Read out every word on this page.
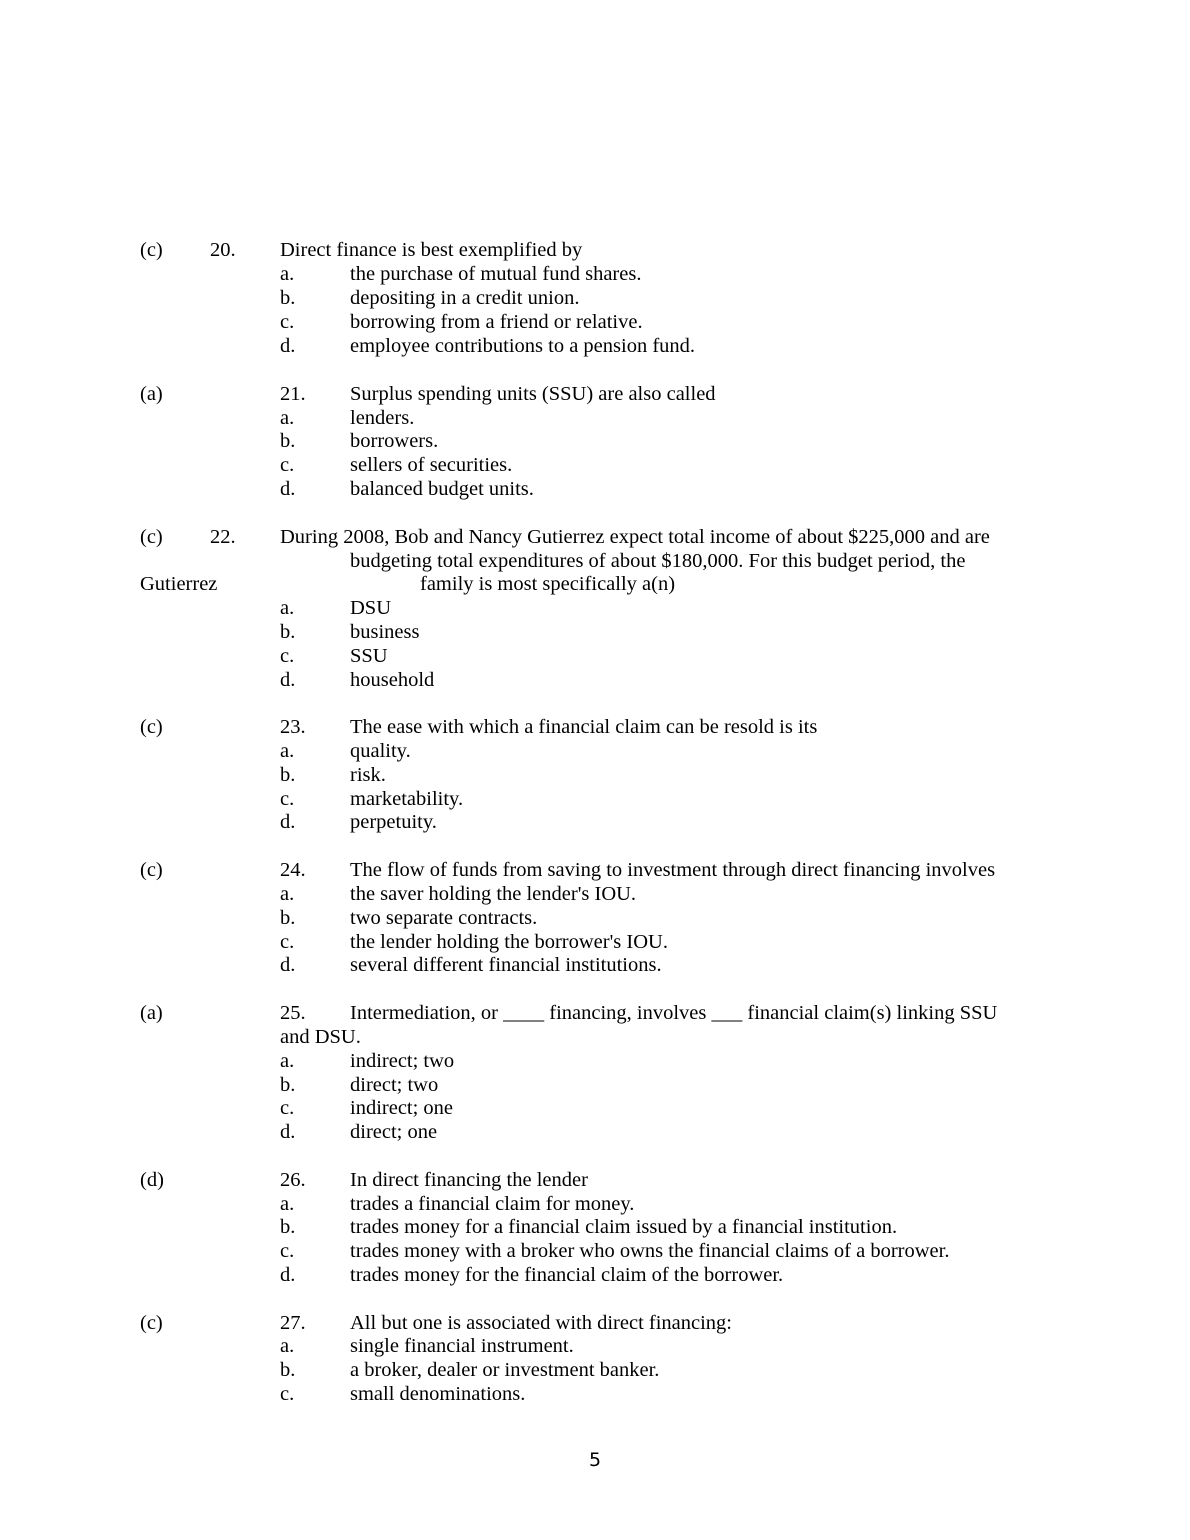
(c) 20. Direct finance is best exemplified by
a.	the purchase of mutual fund shares.
b.	depositing in a credit union.
c.	borrowing from a friend or relative.
d.	employee contributions to a pension fund.
(a)	21. Surplus spending units (SSU) are also called
a.	lenders.
b.	borrowers.
c.	sellers of securities.
d.	balanced budget units.
(c) 22. During 2008, Bob and Nancy Gutierrez expect total income of about $225,000 and are
budgeting total expenditures of about $180,000. For this budget period, the
Gutierrez	family is most specifically a(n)
a.	DSU
b.	business
c.	SSU
d.	household
(c)	23. The ease with which a financial claim can be resold is its
a.	quality.
b.	risk.
c.	marketability.
d.	perpetuity.
(c)	24. The flow of funds from saving to investment through direct financing involves
a.	the saver holding the lender's IOU.
b.	two separate contracts.
c.	the lender holding the borrower's IOU.
d.	several different financial institutions.
(a)	25. Intermediation, or ____ financing, involves ___ financial claim(s) linking SSU
and DSU.
a.	indirect; two
b.	direct; two
c.	indirect; one
d.	direct; one
(d)	26. In direct financing the lender
a.	trades a financial claim for money.
b.	trades money for a financial claim issued by a financial institution.
c.	trades money with a broker who owns the financial claims of a borrower.
d.	trades money for the financial claim of the borrower.
(c)	27. All but one is associated with direct financing:
a.	single financial instrument.
b.	a broker, dealer or investment banker.
c.	small denominations.
5
